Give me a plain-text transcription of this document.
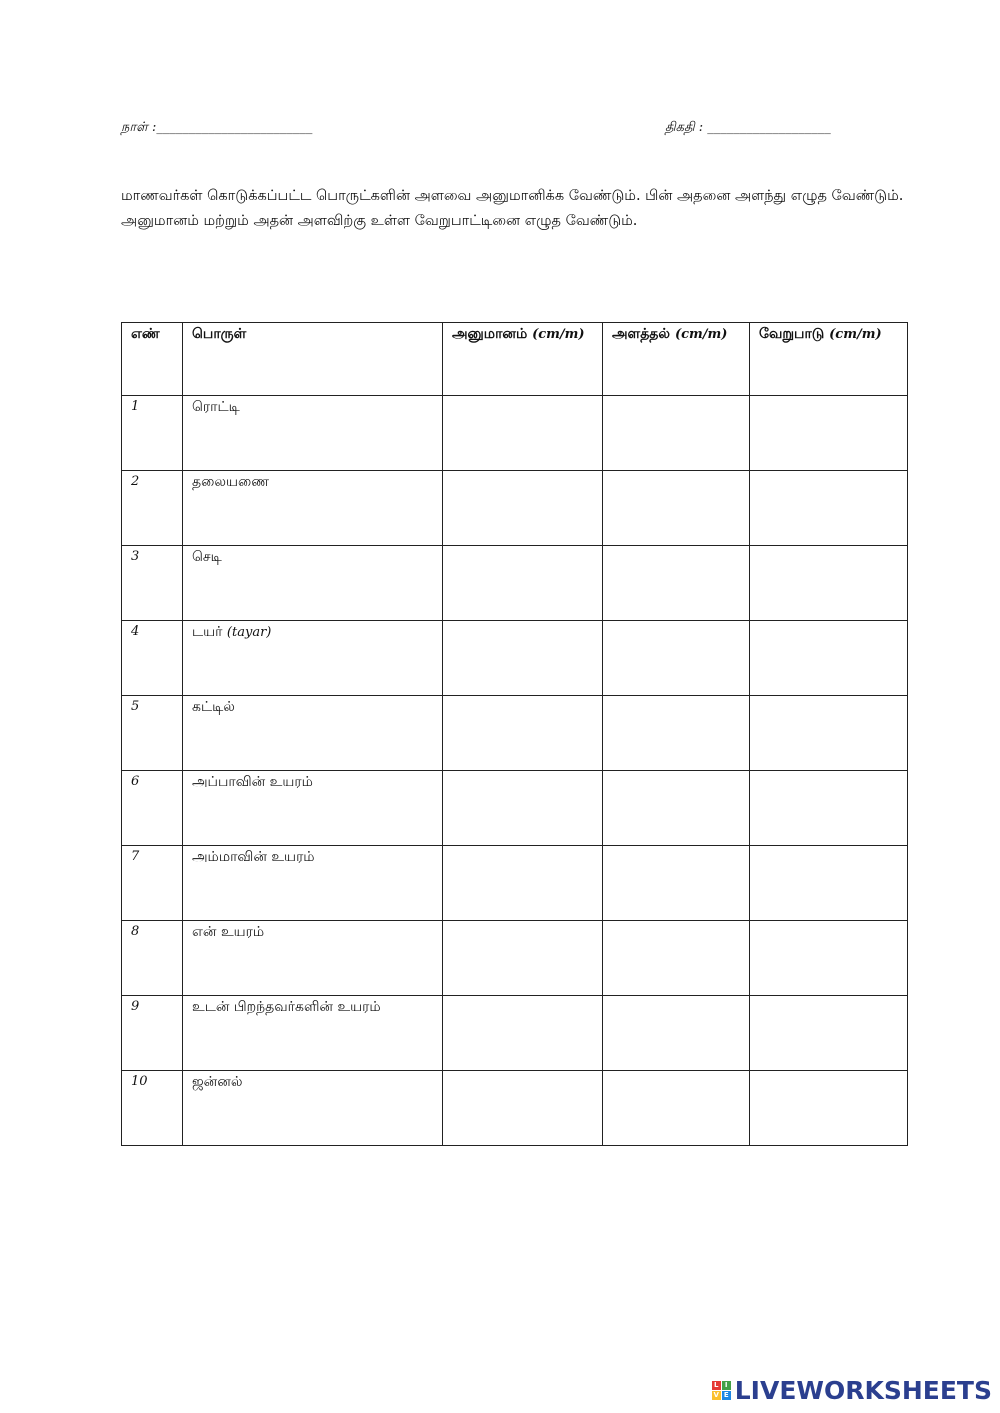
நாள் :________________________	திகதி : ___________________

மாணவர்கள் கொடுக்கப்பட்ட பொருட்களின் அளவை அனுமானிக்க வேண்டும். பின் அதனை அளந்து எழுத வேண்டும். அனுமானம் மற்றும் அதன் அளவிற்கு உள்ள வேறுபாட்டினை எழுத வேண்டும்.

எண்	பொருள்	அனுமானம் (cm/m)	அளத்தல் (cm/m)	வேறுபாடு (cm/m)
1	ரொட்டி			
2	தலையணை			
3	செடி			
4	டயர் (tayar)			
5	கட்டில்			
6	அப்பாவின் உயரம்			
7	அம்மாவின் உயரம்			
8	என் உயரம்			
9	உடன் பிறந்தவர்களின் உயரம்			
10	ஜன்னல்			
L I
V E LIVEWORKSHEETS
